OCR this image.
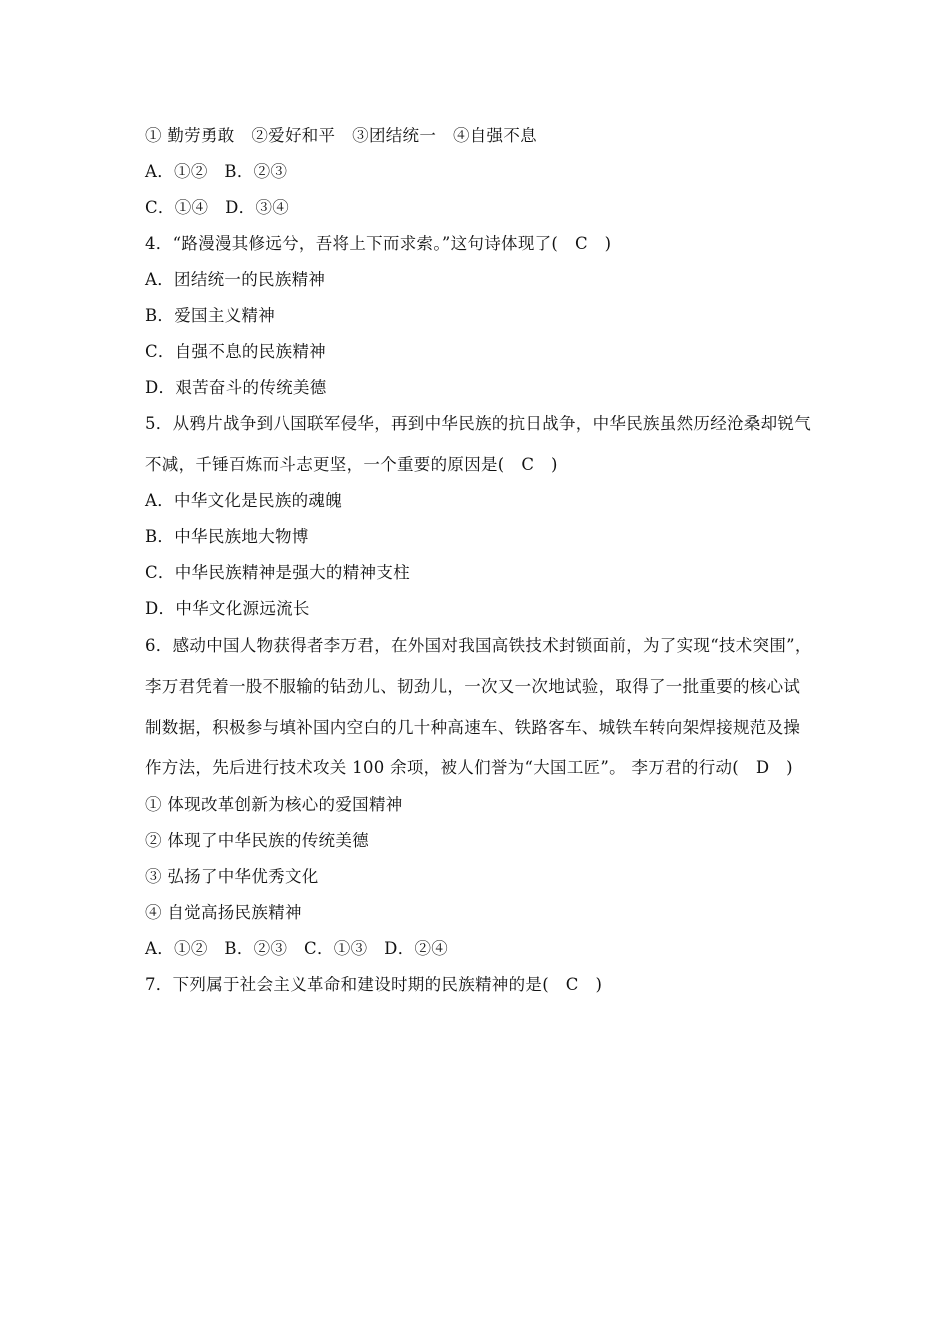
① 勤劳勇敢　②爱好和平　③团结统一　④自强不息
A．①②　B．②③
C．①④　D．③④
4．“路漫漫其修远兮，吾将上下而求索。”这句诗体现了(　C　)
A．团结统一的民族精神
B．爱国主义精神
C．自强不息的民族精神
D．艰苦奋斗的传统美德
5．从鸦片战争到八国联军侵华，再到中华民族的抗日战争，中华民族虽然历经沧桑却锐气
不减，千锤百炼而斗志更坚，一个重要的原因是(　C　)
A．中华文化是民族的魂魄
B．中华民族地大物博
C．中华民族精神是强大的精神支柱
D．中华文化源远流长
6．感动中国人物获得者李万君，在外国对我国高铁技术封锁面前，为了实现“技术突围”，
李万君凭着一股不服输的钻劲儿、韧劲儿，一次又一次地试验，取得了一批重要的核心试
制数据，积极参与填补国内空白的几十种高速车、铁路客车、城铁车转向架焊接规范及操
作方法，先后进行技术攻关 100 余项，被人们誉为“大国工匠”。 李万君的行动(　D　)
① 体现改革创新为核心的爱国精神
② 体现了中华民族的传统美德
③ 弘扬了中华优秀文化
④ 自觉高扬民族精神
A．①②　B．②③　C．①③　D．②④
7．下列属于社会主义革命和建设时期的民族精神的是(　C　)
